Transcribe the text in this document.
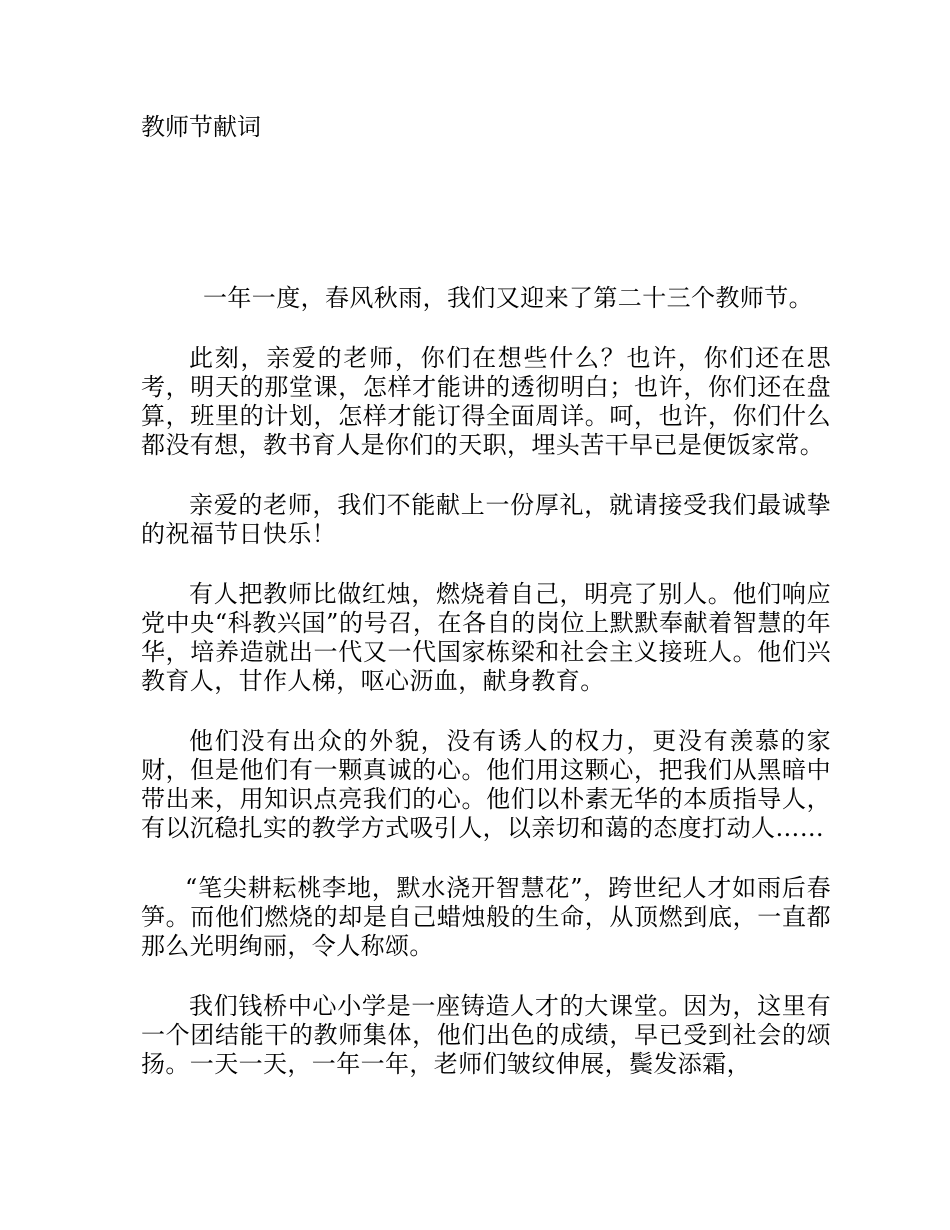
教师节献词

一年一度，春风秋雨，我们又迎来了第二十三个教师节。

此刻，亲爱的老师，你们在想些什么？也许，你们还在思考，明天的那堂课，怎样才能讲的透彻明白；也许，你们还在盘算，班里的计划，怎样才能订得全面周详。呵，也许，你们什么都没有想，教书育人是你们的天职，埋头苦干早已是便饭家常。

亲爱的老师，我们不能献上一份厚礼，就请接受我们最诚挚的祝福节日快乐！

有人把教师比做红烛，燃烧着自己，明亮了别人。他们响应党中央“科教兴国”的号召，在各自的岗位上默默奉献着智慧的年华，培养造就出一代又一代国家栋梁和社会主义接班人。他们兴教育人，甘作人梯，呕心沥血，献身教育。

他们没有出众的外貌，没有诱人的权力，更没有羡慕的家财，但是他们有一颗真诚的心。他们用这颗心，把我们从黑暗中带出来，用知识点亮我们的心。他们以朴素无华的本质指导人，有以沉稳扎实的教学方式吸引人，以亲切和蔼的态度打动人……

“笔尖耕耘桃李地，默水浇开智慧花”，跨世纪人才如雨后春笋。而他们燃烧的却是自己蜡烛般的生命，从顶燃到底，一直都那么光明绚丽，令人称颂。

我们钱桥中心小学是一座铸造人才的大课堂。因为，这里有一个团结能干的教师集体，他们出色的成绩，早已受到社会的颂扬。一天一天，一年一年，老师们皱纹伸展，鬓发添霜，
